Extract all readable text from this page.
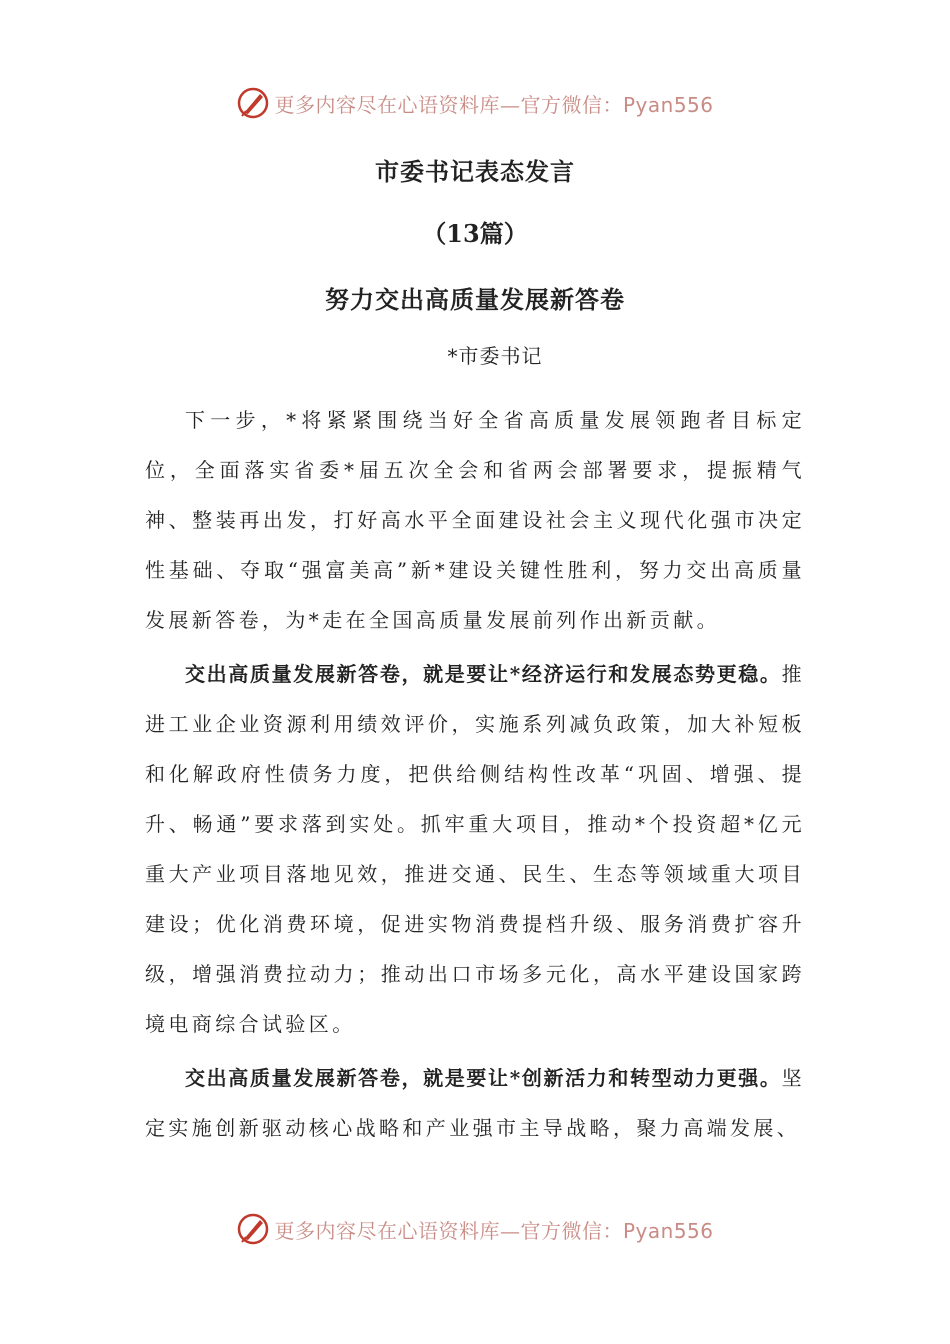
更多内容尽在心语资料库—官方微信：Pyan556
市委书记表态发言
（13篇）
努力交出高质量发展新答卷
*市委书记

下一步，*将紧紧围绕当好全省高质量发展领跑者目标定位，全面落实省委*届五次全会和省两会部署要求，提振精气神、整装再出发，打好高水平全面建设社会主义现代化强市决定性基础、夺取“强富美高”新*建设关键性胜利，努力交出高质量发展新答卷，为*走在全国高质量发展前列作出新贡献。

交出高质量发展新答卷，就是要让*经济运行和发展态势更稳。推进工业企业资源利用绩效评价，实施系列减负政策，加大补短板和化解政府性债务力度，把供给侧结构性改革“巩固、增强、提升、畅通”要求落到实处。抓牢重大项目，推动*个投资超*亿元重大产业项目落地见效，推进交通、民生、生态等领域重大项目建设；优化消费环境，促进实物消费提档升级、服务消费扩容升级，增强消费拉动力；推动出口市场多元化，高水平建设国家跨境电商综合试验区。

交出高质量发展新答卷，就是要让*创新活力和转型动力更强。坚定实施创新驱动核心战略和产业强市主导战略，聚力高端发展、

更多内容尽在心语资料库—官方微信：Pyan556
